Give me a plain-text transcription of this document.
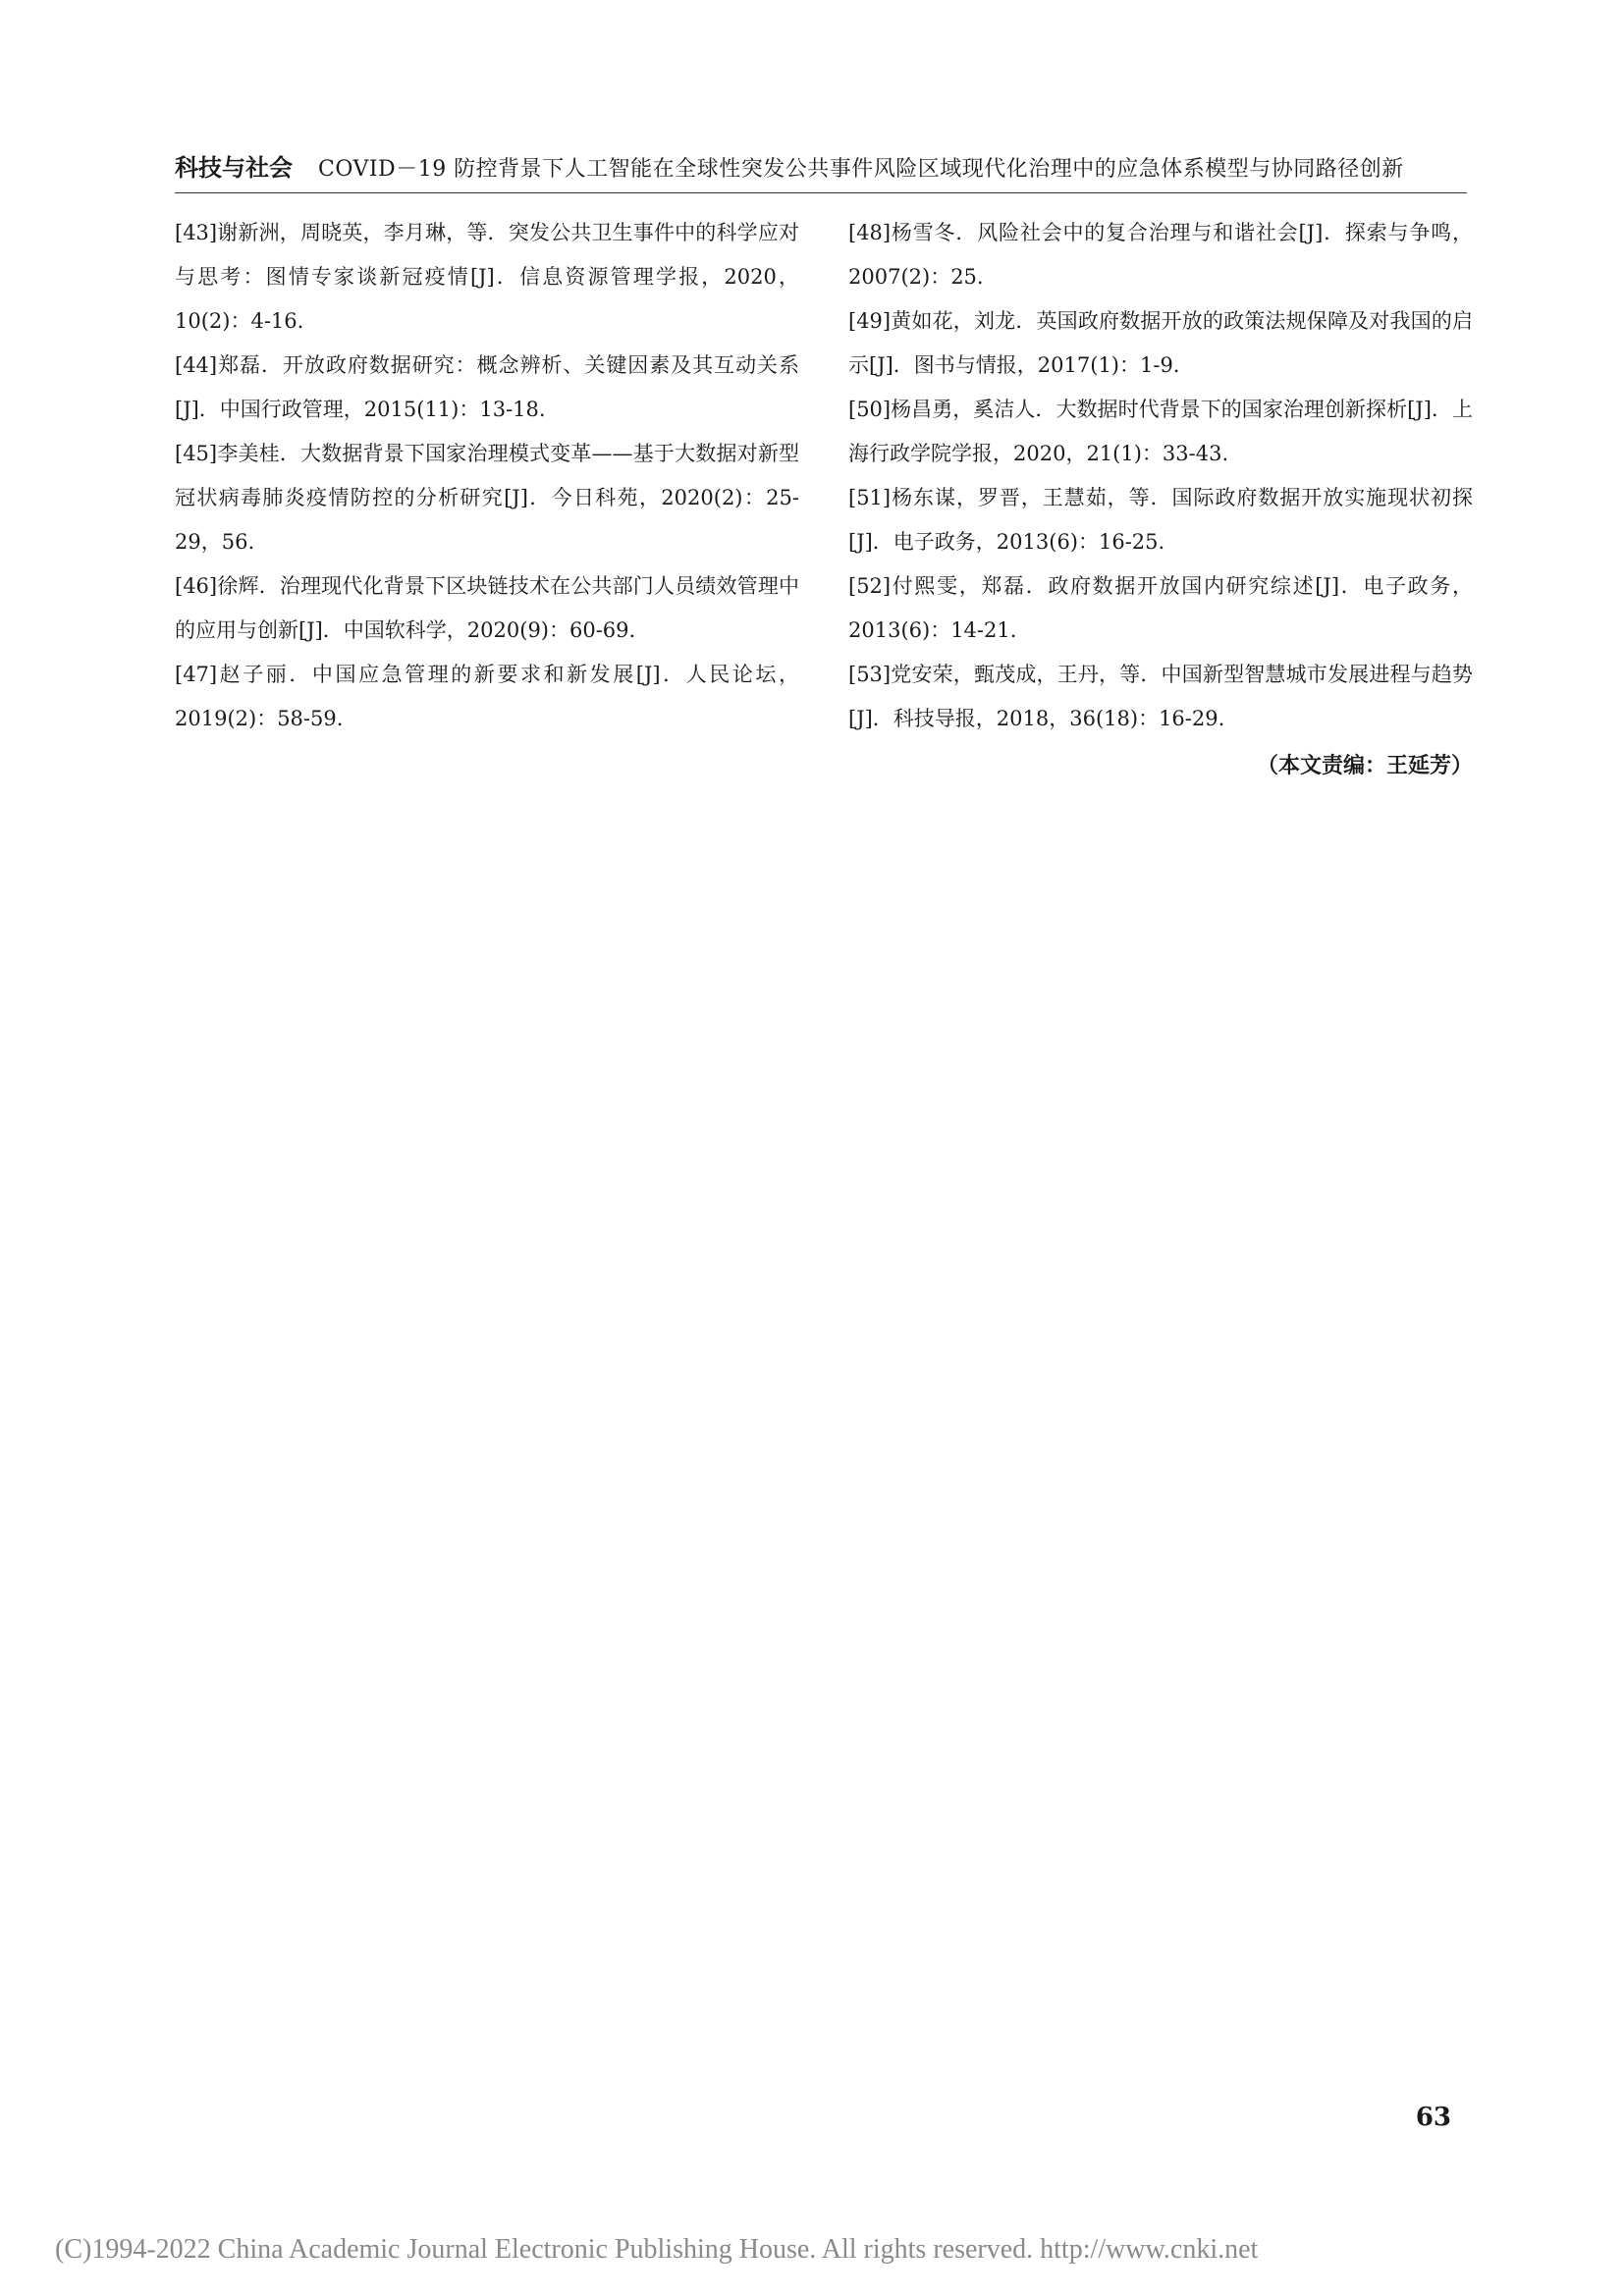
科技与社会 COVID－19 防控背景下人工智能在全球性突发公共事件风险区域现代化治理中的应急体系模型与协同路径创新

[43]谢新洲，周晓英，李月琳，等．突发公共卫生事件中的科学应对与思考：图情专家谈新冠疫情[J]．信息资源管理学报，2020，10(2)：4-16.

[44]郑磊．开放政府数据研究：概念辨析、关键因素及其互动关系[J]．中国行政管理，2015(11)：13-18.

[45]李美桂．大数据背景下国家治理模式变革——基于大数据对新型冠状病毒肺炎疫情防控的分析研究[J]．今日科苑，2020(2)：25-29，56.

[46]徐辉．治理现代化背景下区块链技术在公共部门人员绩效管理中的应用与创新[J]．中国软科学，2020(9)：60-69.

[47]赵子丽．中国应急管理的新要求和新发展[J]．人民论坛，2019(2)：58-59.

[48]杨雪冬．风险社会中的复合治理与和谐社会[J]．探索与争鸣，2007(2)：25.

[49]黄如花，刘龙．英国政府数据开放的政策法规保障及对我国的启示[J]．图书与情报，2017(1)：1-9.

[50]杨昌勇，奚洁人．大数据时代背景下的国家治理创新探析[J]．上海行政学院学报，2020，21(1)：33-43.

[51]杨东谋，罗晋，王慧茹，等．国际政府数据开放实施现状初探[J]．电子政务，2013(6)：16-25.

[52]付熙雯，郑磊．政府数据开放国内研究综述[J]．电子政务，2013(6)：14-21.

[53]党安荣，甄茂成，王丹，等．中国新型智慧城市发展进程与趋势[J]．科技导报，2018，36(18)：16-29.

（本文责编：王延芳）
63
(C)1994-2022 China Academic Journal Electronic Publishing House. All rights reserved. http://www.cnki.net
